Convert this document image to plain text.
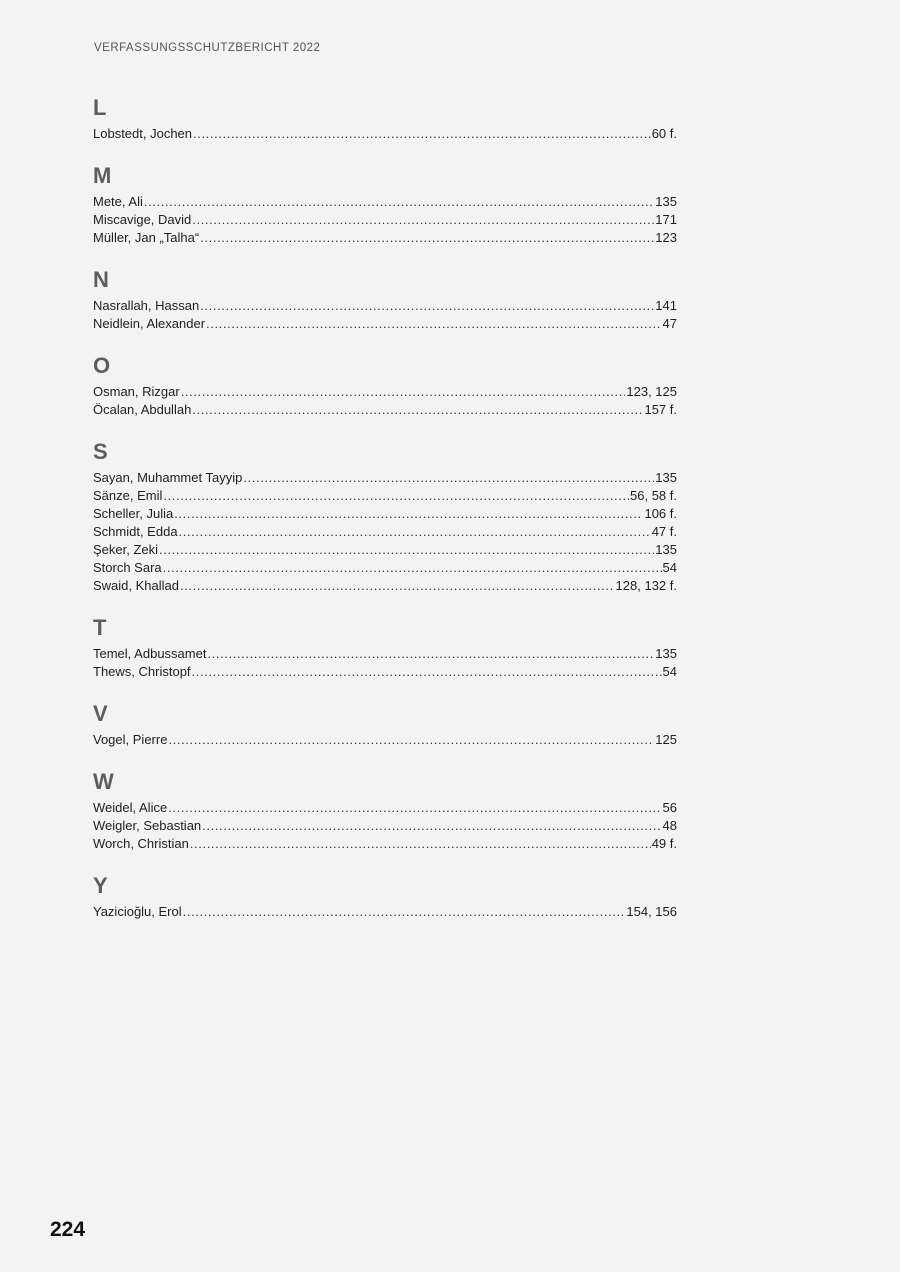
VERFASSUNGSSCHUTZBERICHT 2022
L
Lobstedt, Jochen .....	60 f.
M
Mete, Ali .....	135
Miscavige, David .....	171
Müller, Jan „Talha“ .....	123
N
Nasrallah, Hassan .....	141
Neidlein, Alexander .....	47
O
Osman, Rizgar .....	123, 125
Öcalan, Abdullah .....	157 f.
S
Sayan, Muhammet Tayyip .....	135
Sänze, Emil .....	56, 58 f.
Scheller, Julia .....	106 f.
Schmidt, Edda .....	47 f.
Şeker, Zeki .....	135
Storch Sara .....	54
Swaid, Khallad .....	128, 132 f.
T
Temel, Adbussamet .....	135
Thews, Christopf .....	54
V
Vogel, Pierre .....	125
W
Weidel, Alice .....	56
Weigler, Sebastian .....	48
Worch, Christian .....	49 f.
Y
Yazicioğlu, Erol .....	154, 156
224
